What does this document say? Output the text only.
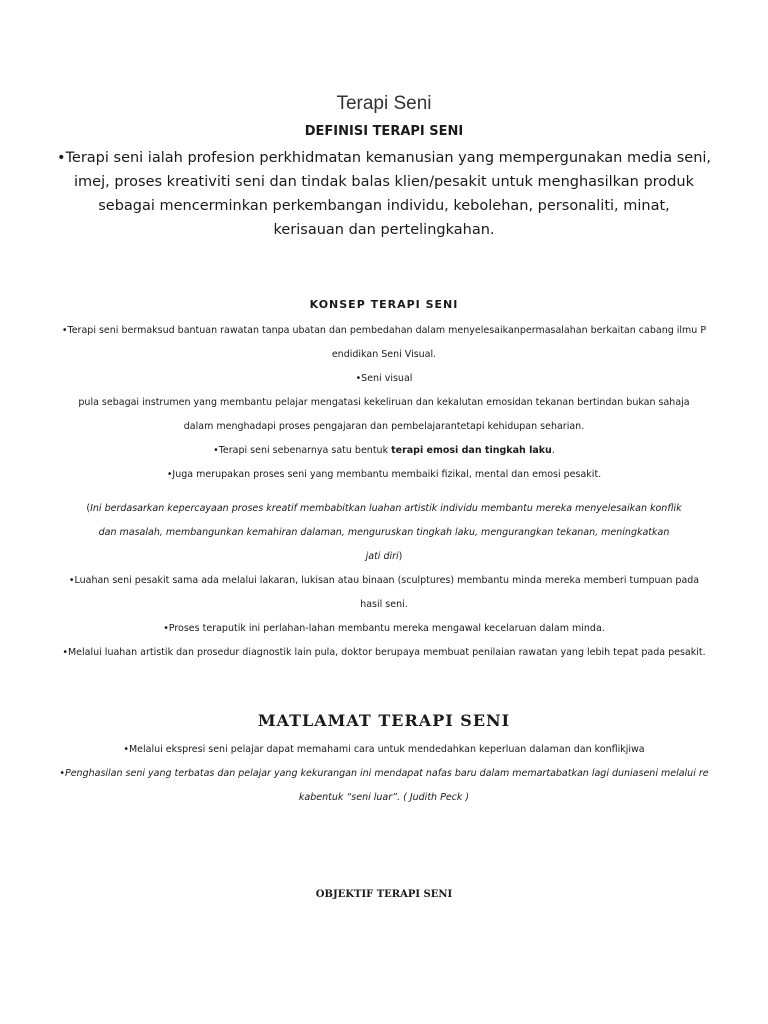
Terapi Seni
DEFINISI TERAPI SENI
•Terapi seni ialah profesion perkhidmatan kemanusian yang mempergunakan media seni,
imej, proses kreativiti seni dan tindak balas klien/pesakit untuk menghasilkan produk
sebagai mencerminkan perkembangan individu, kebolehan, personaliti, minat,
kerisauan dan pertelingkahan.
KONSEP TERAPI SENI
•Terapi seni bermaksud bantuan rawatan tanpa ubatan dan pembedahan dalam menyelesaikanpermasalahan berkaitan cabang ilmu P
endidikan Seni Visual.
•Seni visual
pula sebagai instrumen yang membantu pelajar mengatasi kekeliruan dan kekalutan emosidan tekanan bertindan bukan sahaja
dalam menghadapi proses pengajaran dan pembelajarantetapi kehidupan seharian.
•Terapi seni sebenarnya satu bentuk terapi emosi dan tingkah laku.
•Juga merupakan proses seni yang membantu membaiki fizikal, mental dan emosi pesakit.
(Ini berdasarkan kepercayaan proses kreatif membabitkan luahan artistik individu membantu mereka menyelesaikan konflik
dan masalah, membangunkan kemahiran dalaman, menguruskan tingkah laku, mengurangkan tekanan, meningkatkan
jati diri)
•Luahan seni pesakit sama ada melalui lakaran, lukisan atau binaan (sculptures) membantu minda mereka memberi tumpuan pada
hasil seni.
•Proses teraputik ini perlahan-lahan membantu mereka mengawal kecelaruan dalam minda.
•Melalui luahan artistik dan prosedur diagnostik lain pula, doktor berupaya membuat penilaian rawatan yang lebih tepat pada pesakit.
MATLAMAT TERAPI SENI
•Melalui ekspresi seni pelajar dapat memahami cara untuk mendedahkan keperluan dalaman dan konflikjiwa
•Penghasilan seni yang terbatas dan pelajar yang kekurangan ini mendapat nafas baru dalam memartabatkan lagi duniaseni melalui re
kabentuk “seni luar”. ( Judith Peck )
OBJEKTIF TERAPI SENI
